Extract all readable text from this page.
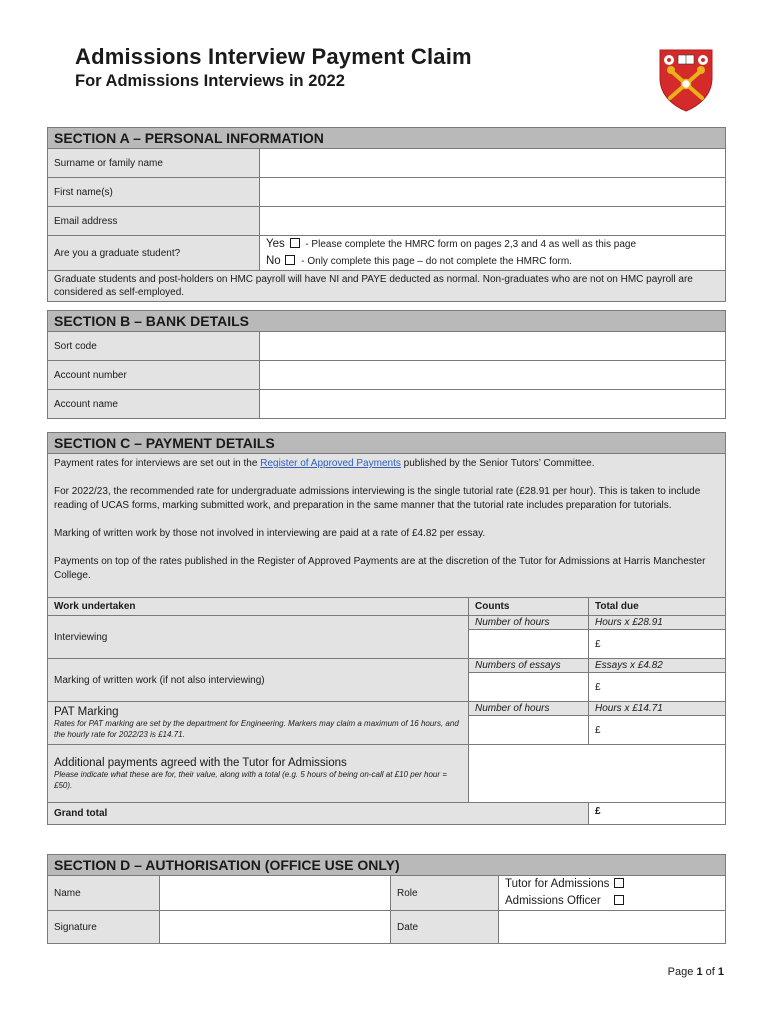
Admissions Interview Payment Claim
For Admissions Interviews in 2022
SECTION A – PERSONAL INFORMATION	
Surname or family name	
First name(s)	
Email address	
Are you a graduate student?	Yes - Please complete the HMRC form on pages 2,3 and 4 as well as this page
No - Only complete this page – do not complete the HMRC form.

Graduate students and post-holders on HMC payroll will have NI and PAYE deducted as normal. Non-graduates who are not on HMC payroll are considered as self-employed.	
SECTION B – BANK DETAILS	
Sort code	
Account number	
Account name	
SECTION C – PAYMENT DETAILS		

Payment rates for interviews are set out in the Register of Approved Payments published by the Senior Tutors’ Committee.

For 2022/23, the recommended rate for undergraduate admissions interviewing is the single tutorial rate (£28.91 per hour). This is taken to include reading of UCAS forms, marking submitted work, and preparation in the same manner that the tutorial rate includes preparation for tutorials.

Marking of written work by those not involved in interviewing are paid at a rate of £4.82 per essay.

Payments on top of the rates published in the Register of Approved Payments are at the discretion of the Tutor for Admissions at Harris Manchester College.		

Work undertaken	Counts	Total due
Interviewing	Number of hours	Hours x £28.91
		£
Marking of written work (if not also interviewing)	Numbers of essays	Essays x £4.82
		£

PAT Marking
Rates for PAT marking are set by the department for Engineering. Markers may claim a maximum of 16 hours, and the hourly rate for 2022/23 is £14.71.	Number of hours	Hours x £14.71
		£

Additional payments agreed with the Tutor for Admissions
Please indicate what these are for, their value, along with a total (e.g. 5 hours of being on-call at £10 per hour = £50).		

Grand total		£
SECTION D – AUTHORISATION (OFFICE USE ONLY)			
Name		Role	Tutor for Admissions
Admissions Officer

Signature		Date	
Page 1 of 1
